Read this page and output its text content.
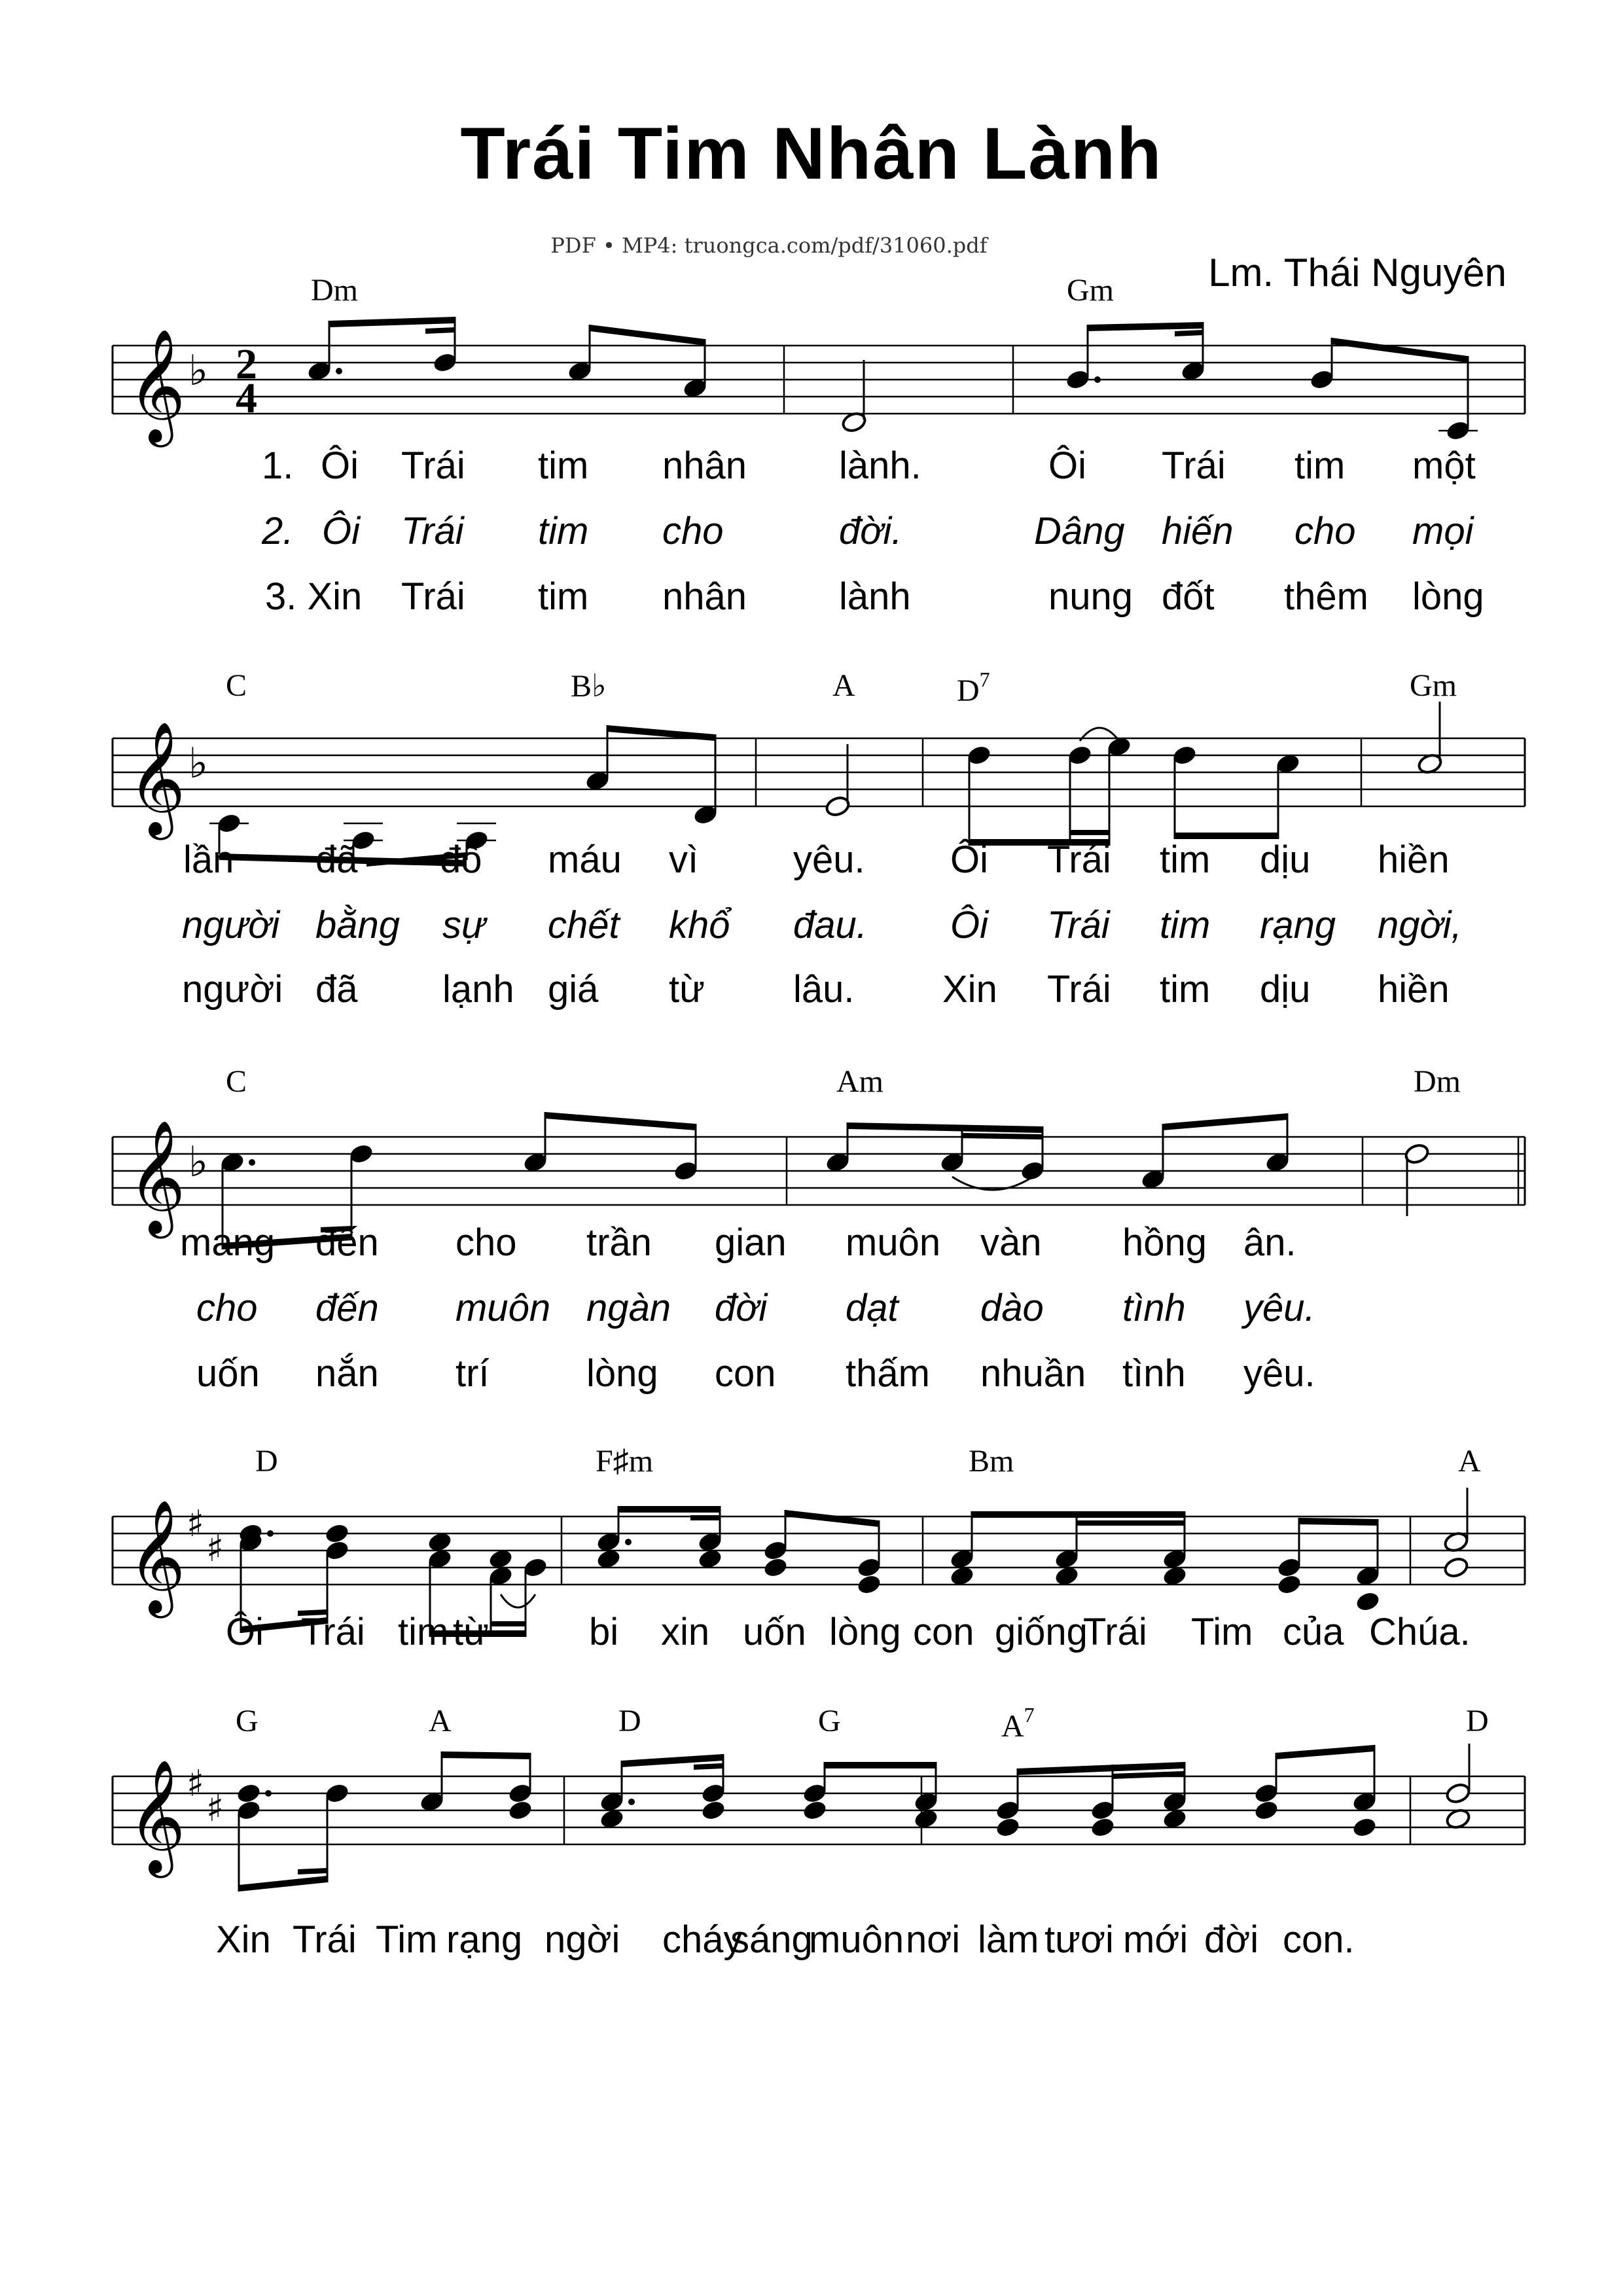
Trái Tim Nhân Lành
PDF • MP4: truongca.com/pdf/31060.pdf
Lm. Thái Nguyên
𝄞 ♭ 2
4
𝄞 ♭
𝄞 ♭
𝄞 ♯
♯
𝄞 ♯
♯
Dm	Gm
1. Ôi Trái tim nhân lành.	Ôi Trái tim một
2. Ôi Trái tim cho	đời.	Dâng hiến cho mọi
3. Xin Trái tim nhân lành	nung đốt thêm lòng
C	B♭	A	$D^7$	Gm
lần đã đổ máu vì yêu. Ôi Trái tim dịu hiền
người bằng sự chết khổ đau. Ôi Trái tim rạng ngời,
người đã lạnh giá từ lâu. Xin Trái tim dịu hiền
C	Am	Dm
mang đến cho trần gian muôn vàn hồng ân.
cho đến muôn ngàn đời dạt dào tình yêu.
uốn nắn trí	lòng con thấm nhuần tình yêu.
D	F♯m	Bm	A
Ôi Trái tim từ	bi xin uốn lòng con giống
Trái Tim của Chúa.
G	A	D	G	$A^7$	D
Xin Trái Tim rạng ngời cháy
sáng
muôn nơi làm tươi mới đời con.
